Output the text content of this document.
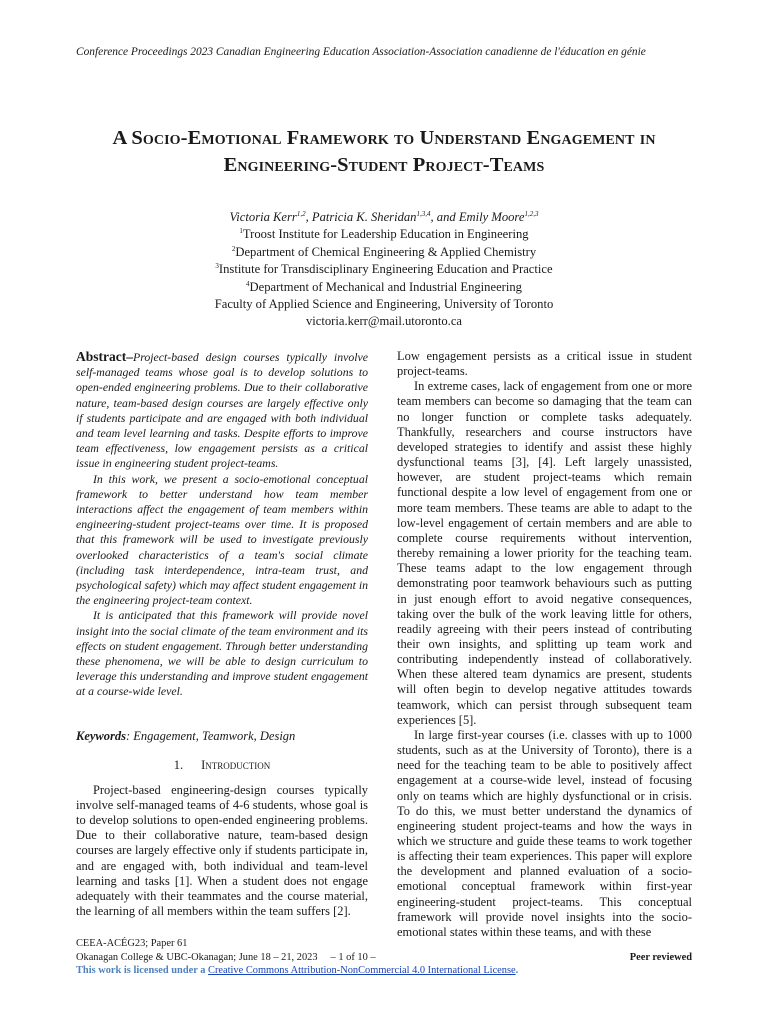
Conference Proceedings 2023 Canadian Engineering Education Association-Association canadienne de l'éducation en génie
A Socio-Emotional Framework to Understand Engagement in
Engineering-Student Project-Teams
Victoria Kerr$^{1,2}$, Patricia K. Sheridan$^{1,3,4}$, and Emily Moore$^{1,2,3}$
$^1$Troost Institute for Leadership Education in Engineering
$^2$Department of Chemical Engineering & Applied Chemistry
$^3$Institute for Transdisciplinary Engineering Education and Practice
$^4$Department of Mechanical and Industrial Engineering
Faculty of Applied Science and Engineering, University of Toronto
victoria.kerr@mail.utoronto.ca

Abstract–Project-based design courses typically involve self-managed teams whose goal is to develop solutions to open-ended engineering problems. Due to their collaborative nature, team-based design courses are largely effective only if students participate and are engaged with both individual and team level learning and tasks. Despite efforts to improve team effectiveness, low engagement persists as a critical issue in engineering student project-teams.

In this work, we present a socio-emotional conceptual framework to better understand how team member interactions affect the engagement of team members within engineering-student project-teams over time. It is proposed that this framework will be used to investigate previously overlooked characteristics of a team's social climate (including task interdependence, intra-team trust, and psychological safety) which may affect student engagement in the engineering project-team context.

It is anticipated that this framework will provide novel insight into the social climate of the team environment and its effects on student engagement. Through better understanding these phenomena, we will be able to design curriculum to leverage this understanding and improve student engagement at a course-wide level.

Keywords: Engagement, Teamwork, Design

1. Introduction

Project-based engineering-design courses typically involve self-managed teams of 4-6 students, whose goal is to develop solutions to open-ended engineering problems. Due to their collaborative nature, team-based design courses are largely effective only if students participate in, and are engaged with, both individual and team-level learning and tasks [1]. When a student does not engage adequately with their teammates and the course material, the learning of all members within the team suffers [2].

Low engagement persists as a critical issue in student project-teams.

In extreme cases, lack of engagement from one or more team members can become so damaging that the team can no longer function or complete tasks adequately. Thankfully, researchers and course instructors have developed strategies to identify and assist these highly dysfunctional teams [3], [4]. Left largely unassisted, however, are student project-teams which remain functional despite a low level of engagement from one or more team members. These teams are able to adapt to the low-level engagement of certain members and are able to complete course requirements without intervention, thereby remaining a lower priority for the teaching team. These teams adapt to the low engagement through demonstrating poor teamwork behaviours such as putting in just enough effort to avoid negative consequences, taking over the bulk of the work leaving little for others, readily agreeing with their peers instead of contributing their own insights, and splitting up team work and contributing independently instead of collaboratively. When these altered team dynamics are present, students will often begin to develop negative attitudes towards teamwork, which can persist through subsequent team experiences [5].

In large first-year courses (i.e. classes with up to 1000 students, such as at the University of Toronto), there is a need for the teaching team to be able to positively affect engagement at a course-wide level, instead of focusing only on teams which are highly dysfunctional or in crisis. To do this, we must better understand the dynamics of engineering student project-teams and how the ways in which we structure and guide these teams to work together is affecting their team experiences. This paper will explore the development and planned evaluation of a socio-emotional conceptual framework within first-year engineering-student project-teams. This conceptual framework will provide novel insights into the socio-emotional states within these teams, and with these

CEEA-ACÉG23; Paper 61
Okanagan College & UBC-Okanagan; June 18 – 21, 2023 – 1 of 10 –	Peer reviewed
This work is licensed under a Creative Commons Attribution-NonCommercial 4.0 International License.
